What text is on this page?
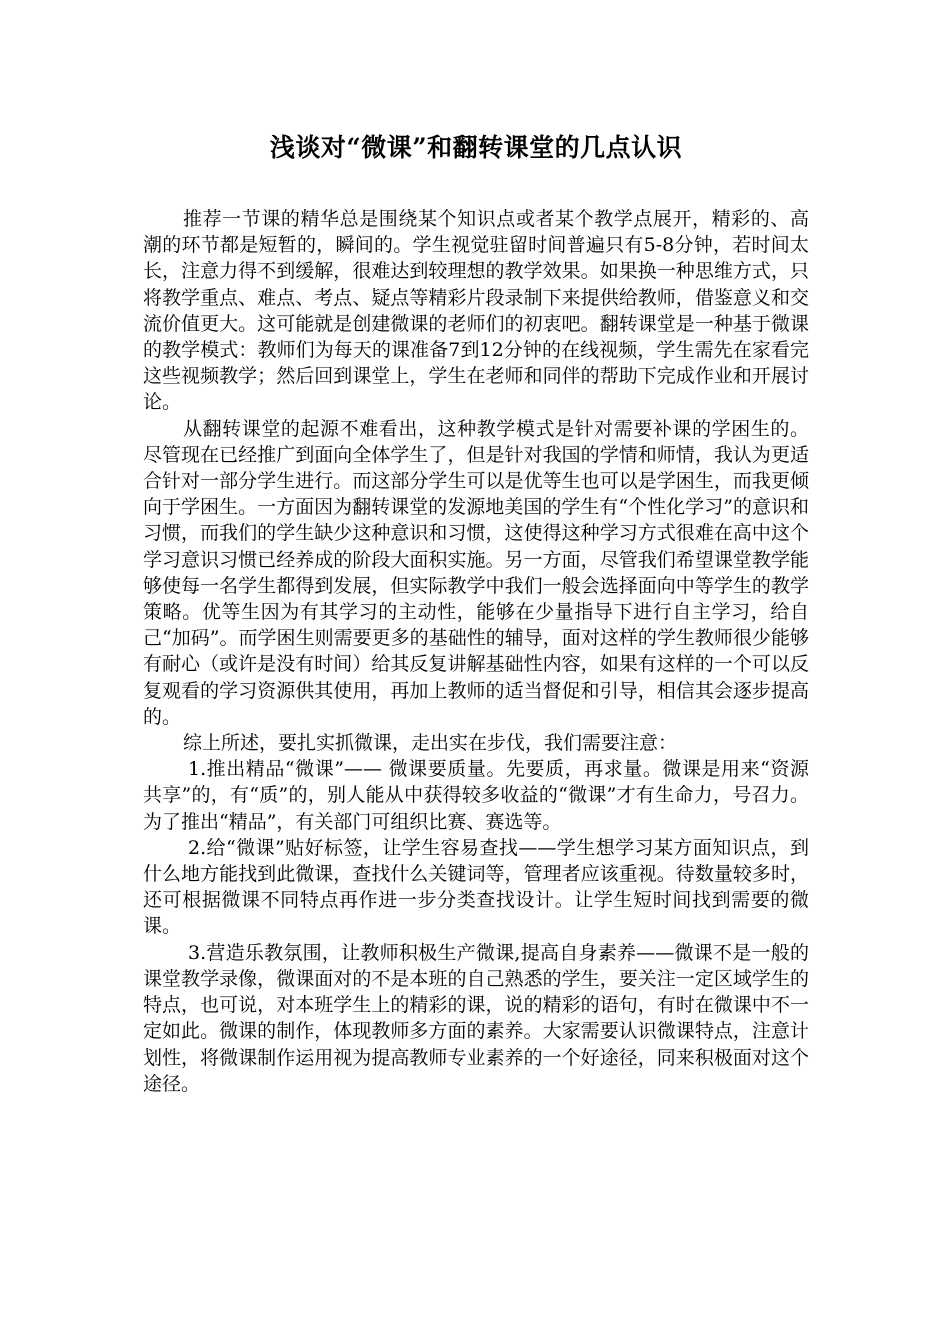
浅谈对“微课”和翻转课堂的几点认识

推荐一节课的精华总是围绕某个知识点或者某个教学点展开，精彩的、高潮的环节都是短暂的，瞬间的。学生视觉驻留时间普遍只有5-8分钟，若时间太长，注意力得不到缓解，很难达到较理想的教学效果。如果换一种思维方式，只将教学重点、难点、考点、疑点等精彩片段录制下来提供给教师，借鉴意义和交流价值更大。这可能就是创建微课的老师们的初衷吧。翻转课堂是一种基于微课的教学模式：教师们为每天的课准备7到12分钟的在线视频，学生需先在家看完这些视频教学；然后回到课堂上，学生在老师和同伴的帮助下完成作业和开展讨论。

从翻转课堂的起源不难看出，这种教学模式是针对需要补课的学困生的。尽管现在已经推广到面向全体学生了，但是针对我国的学情和师情，我认为更适合针对一部分学生进行。而这部分学生可以是优等生也可以是学困生，而我更倾向于学困生。一方面因为翻转课堂的发源地美国的学生有“个性化学习”的意识和习惯，而我们的学生缺少这种意识和习惯，这使得这种学习方式很难在高中这个学习意识习惯已经养成的阶段大面积实施。另一方面，尽管我们希望课堂教学能够使每一名学生都得到发展，但实际教学中我们一般会选择面向中等学生的教学策略。优等生因为有其学习的主动性，能够在少量指导下进行自主学习，给自己“加码”。而学困生则需要更多的基础性的辅导，面对这样的学生教师很少能够有耐心（或许是没有时间）给其反复讲解基础性内容，如果有这样的一个可以反复观看的学习资源供其使用，再加上教师的适当督促和引导，相信其会逐步提高的。

综上所述，要扎实抓微课，走出实在步伐，我们需要注意：

1.推出精品“微课”—— 微课要质量。先要质，再求量。微课是用来“资源共享”的，有“质”的，别人能从中获得较多收益的“微课”才有生命力，号召力。为了推出“精品”，有关部门可组织比赛、赛选等。

2.给“微课”贴好标签，让学生容易查找——学生想学习某方面知识点，到什么地方能找到此微课，查找什么关键词等，管理者应该重视。待数量较多时，还可根据微课不同特点再作进一步分类查找设计。让学生短时间找到需要的微课。

3.营造乐教氛围，让教师积极生产微课,提高自身素养——微课不是一般的课堂教学录像，微课面对的不是本班的自己熟悉的学生，要关注一定区域学生的特点，也可说，对本班学生上的精彩的课，说的精彩的语句，有时在微课中不一定如此。微课的制作，体现教师多方面的素养。大家需要认识微课特点，注意计划性，将微课制作运用视为提高教师专业素养的一个好途径，同来积极面对这个途径。
